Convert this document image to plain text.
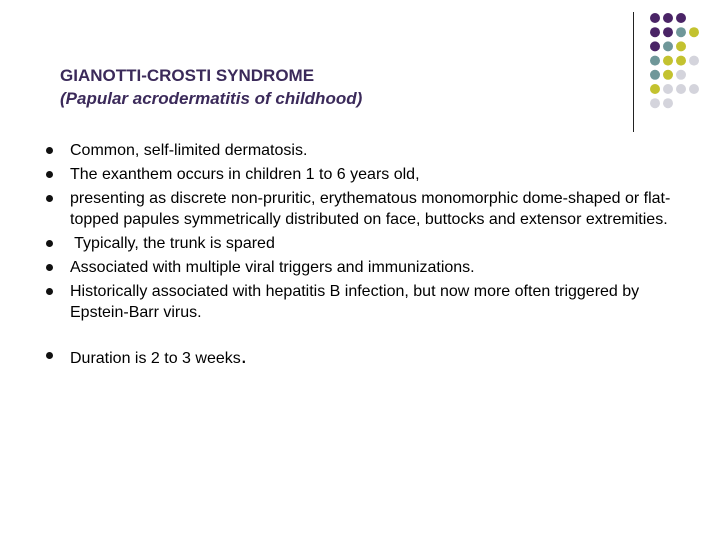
GIANOTTI-CROSTI SYNDROME
(Papular acrodermatitis of childhood)
Common, self-limited dermatosis.
The exanthem occurs in children 1 to 6 years old,
presenting as discrete non-pruritic, erythematous monomorphic dome-shaped or flat-topped papules symmetrically distributed on face, buttocks and extensor extremities.
Typically, the trunk is spared
Associated with multiple viral triggers and immunizations.
Historically associated with hepatitis B infection, but now more often triggered by Epstein-Barr virus.
Duration is 2 to 3 weeks.
